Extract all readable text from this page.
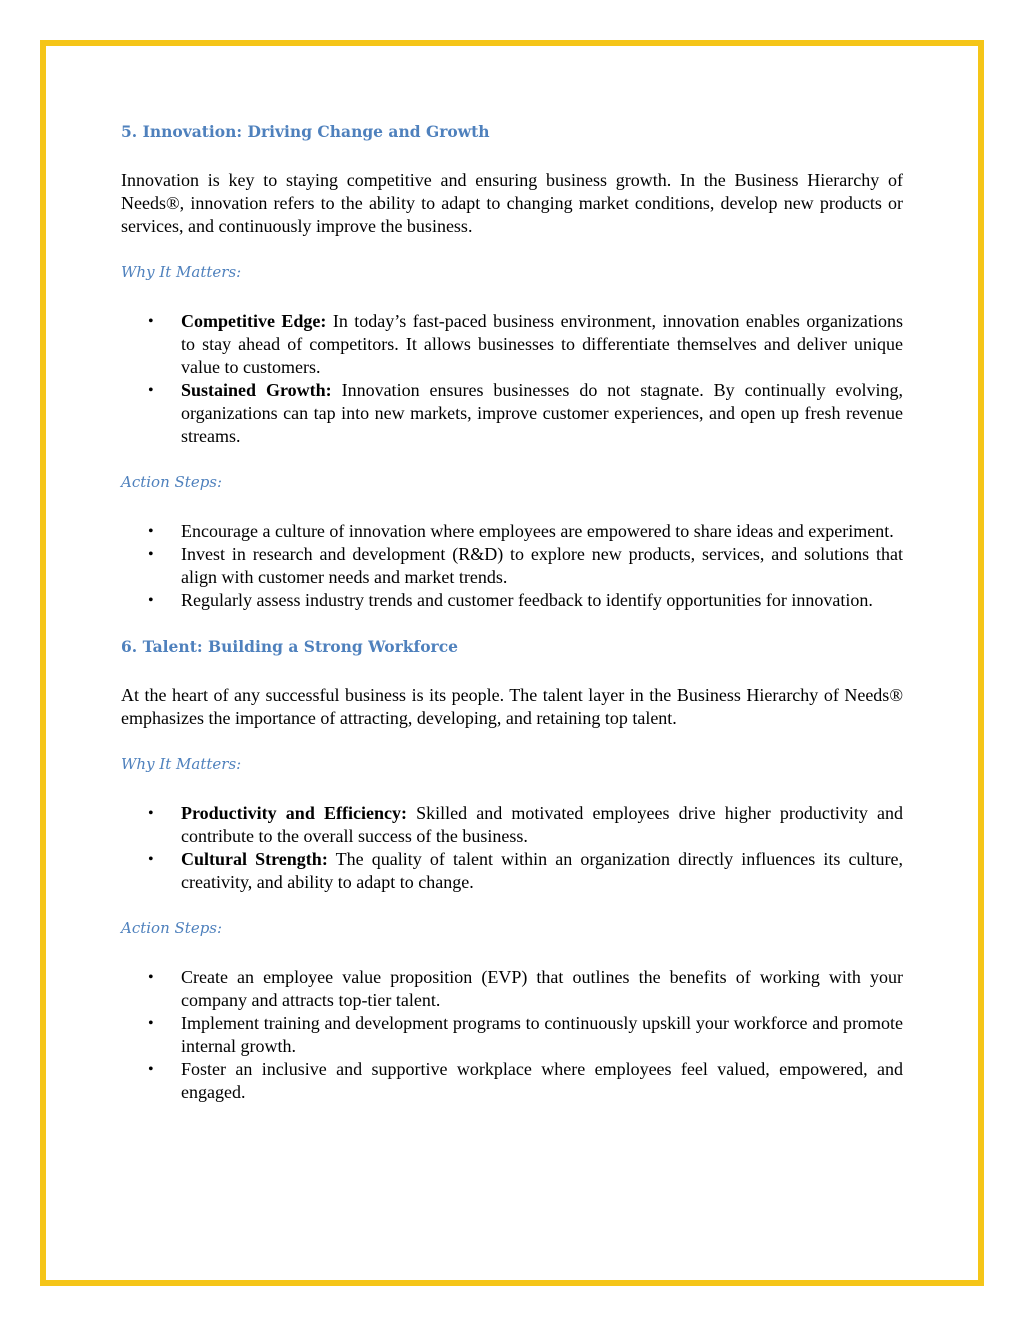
5. Innovation: Driving Change and Growth

Innovation is key to staying competitive and ensuring business growth. In the Business Hierarchy of Needs®, innovation refers to the ability to adapt to changing market conditions, develop new products or services, and continuously improve the business.

Why It Matters:

• Competitive Edge: In today’s fast-paced business environment, innovation enables organizations to stay ahead of competitors. It allows businesses to differentiate themselves and deliver unique value to customers.
• Sustained Growth: Innovation ensures businesses do not stagnate. By continually evolving, organizations can tap into new markets, improve customer experiences, and open up fresh revenue streams.

Action Steps:

• Encourage a culture of innovation where employees are empowered to share ideas and experiment.
• Invest in research and development (R&D) to explore new products, services, and solutions that align with customer needs and market trends.
• Regularly assess industry trends and customer feedback to identify opportunities for innovation.
6. Talent: Building a Strong Workforce

At the heart of any successful business is its people. The talent layer in the Business Hierarchy of Needs® emphasizes the importance of attracting, developing, and retaining top talent.

Why It Matters:

• Productivity and Efficiency: Skilled and motivated employees drive higher productivity and contribute to the overall success of the business.
• Cultural Strength: The quality of talent within an organization directly influences its culture, creativity, and ability to adapt to change.

Action Steps:

• Create an employee value proposition (EVP) that outlines the benefits of working with your company and attracts top-tier talent.
• Implement training and development programs to continuously upskill your workforce and promote internal growth.
• Foster an inclusive and supportive workplace where employees feel valued, empowered, and engaged.
